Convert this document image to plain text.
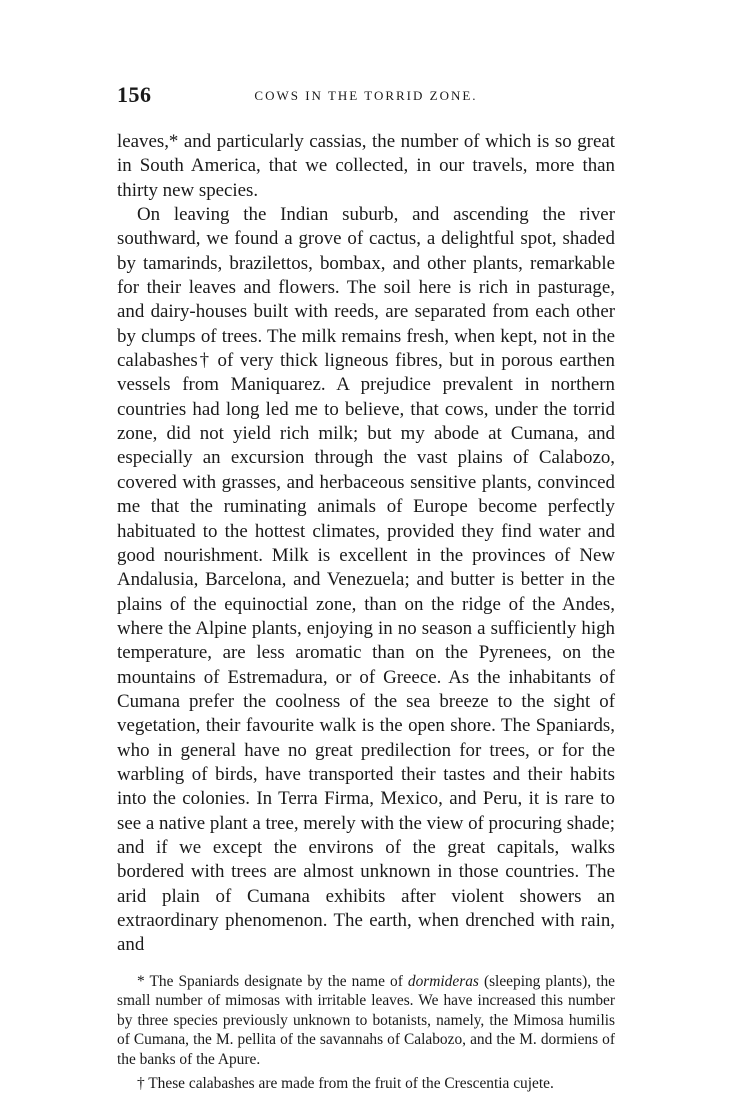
156	COWS IN THE TORRID ZONE.

leaves,* and particularly cassias, the number of which is so great in South America, that we collected, in our travels, more than thirty new species.

On leaving the Indian suburb, and ascending the river southward, we found a grove of cactus, a delightful spot, shaded by tamarinds, brazilettos, bombax, and other plants, remarkable for their leaves and flowers. The soil here is rich in pasturage, and dairy-houses built with reeds, are separated from each other by clumps of trees. The milk remains fresh, when kept, not in the calabashes† of very thick ligneous fibres, but in porous earthen vessels from Maniquarez. A prejudice prevalent in northern countries had long led me to believe, that cows, under the torrid zone, did not yield rich milk; but my abode at Cumana, and especially an excursion through the vast plains of Calabozo, covered with grasses, and herbaceous sensitive plants, convinced me that the ruminating animals of Europe become perfectly habituated to the hottest climates, provided they find water and good nourishment. Milk is excellent in the provinces of New Andalusia, Barcelona, and Venezuela; and butter is better in the plains of the equinoctial zone, than on the ridge of the Andes, where the Alpine plants, enjoying in no season a sufficiently high temperature, are less aromatic than on the Pyrenees, on the mountains of Estremadura, or of Greece. As the inhabitants of Cumana prefer the coolness of the sea breeze to the sight of vegetation, their favourite walk is the open shore. The Spaniards, who in general have no great predilection for trees, or for the warbling of birds, have transported their tastes and their habits into the colonies. In Terra Firma, Mexico, and Peru, it is rare to see a native plant a tree, merely with the view of procuring shade; and if we except the environs of the great capitals, walks bordered with trees are almost unknown in those countries. The arid plain of Cumana exhibits after violent showers an extraordinary phenomenon. The earth, when drenched with rain, and

* The Spaniards designate by the name of dormideras (sleeping plants), the small number of mimosas with irritable leaves. We have increased this number by three species previously unknown to botanists, namely, the Mimosa humilis of Cumana, the M. pellita of the savannahs of Calabozo, and the M. dormiens of the banks of the Apure.

† These calabashes are made from the fruit of the Crescentia cujete.
